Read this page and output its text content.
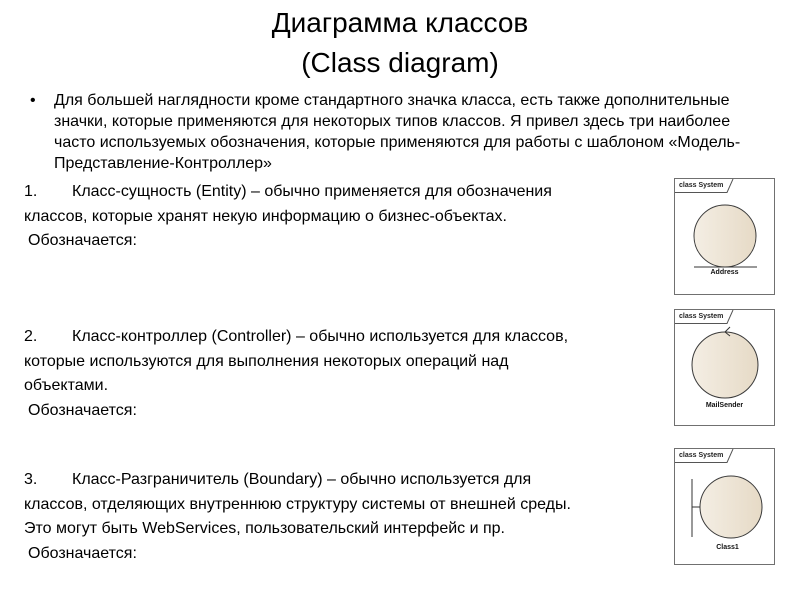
Диаграмма классов
(Class diagram)
• Для большей наглядности кроме стандартного значка класса, есть также дополнительные значки, которые применяются для некоторых типов классов. Я привел здесь три наиболее часто используемых обозначения, которые применяются для работы с шаблоном «Модель-Представление-Контроллер»
1. Класс-сущность (Entity) – обычно применяется для обозначения
классов, которые хранят некую информацию о бизнес-объектах.
Обозначается:
2. Класс-контроллер (Controller) – обычно используется для классов,
которые используются для выполнения некоторых операций над
объектами.
Обозначается:
3. Класс-Разграничитель (Boundary) – обычно используется для
классов, отделяющих внутреннюю структуру системы от внешней среды.
Это могут быть WebServices, пользовательский интерфейс и пр.
Обозначается:
class System
Address
class System
MailSender
class System
Class1
